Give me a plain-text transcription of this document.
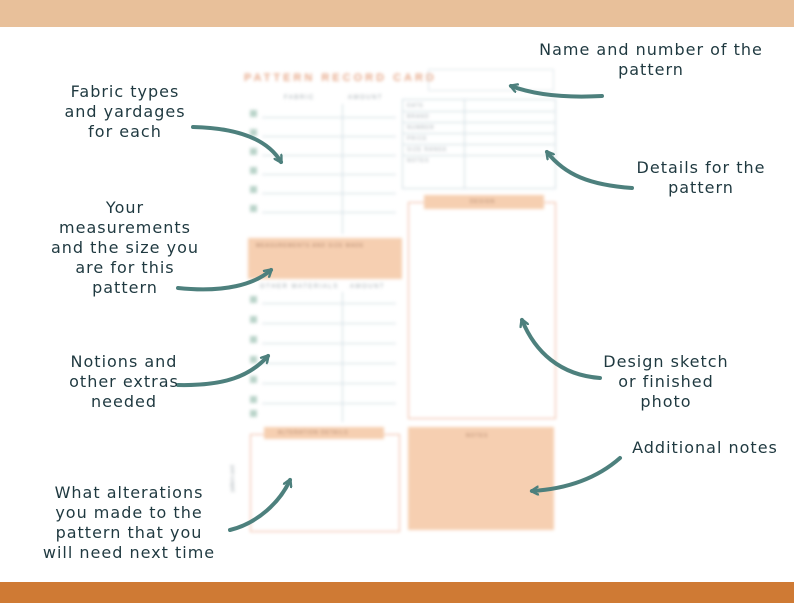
PATTERN RECORD CARD
FABRIC	AMOUNT
DATE
BRAND
NUMBER
PRICE
SIZE RANGE
NOTES
MEASUREMENTS AND SIZE MADE
OTHER MATERIALS AMOUNT
DESIGN
ALTERATION DETAILS	NOTES
pattern card

Name and number of the
pattern

Fabric types
and yardages
for each

Details for the
pattern

Your
measurements
and the size you
are for this
pattern

Notions and
other extras
needed

Design sketch
or finished
photo

Additional notes

What alterations
you made to the
pattern that you
will need next time
